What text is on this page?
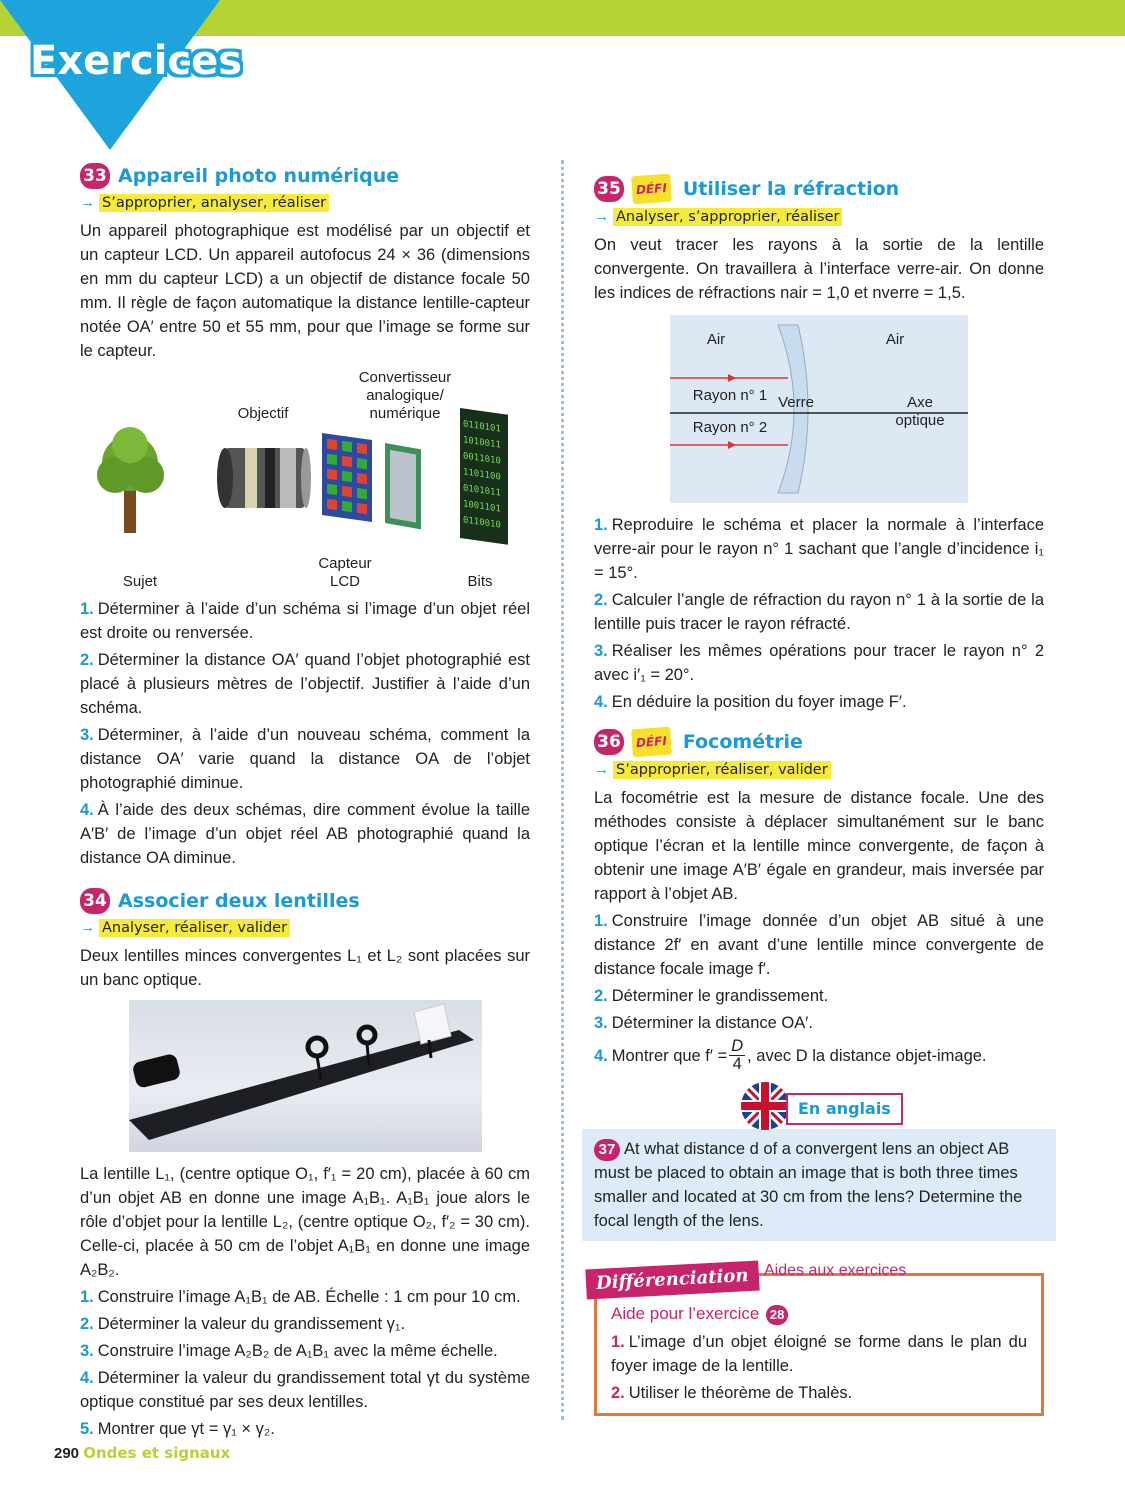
Exercices
33 Appareil photo numérique
→ S’approprier, analyser, réaliser

Un appareil photographique est modélisé par un objectif et un capteur LCD. Un appareil autofocus 24 × 36 (dimensions en mm du capteur LCD) a un objectif de distance focale 50 mm. Il règle de façon automatique la distance lentille-capteur notée OA′ entre 50 et 55 mm, pour que l’image se forme sur le capteur.

0110101
1010011
0011010
1101100
0101011
1001101
0110010
Sujet
Objectif
Capteur LCD
Convertisseur analogique/ numérique
Bits

1. Déterminer à l’aide d’un schéma si l’image d’un objet réel est droite ou renversée.

2. Déterminer la distance OA′ quand l’objet photographié est placé à plusieurs mètres de l’objectif. Justifier à l’aide d’un schéma.

3. Déterminer, à l’aide d’un nouveau schéma, comment la distance OA′ varie quand la distance OA de l’objet photographié diminue.

4. À l’aide des deux schémas, dire comment évolue la taille A′B′ de l’image d’un objet réel AB photographié quand la distance OA diminue.

34 Associer deux lentilles
→ Analyser, réaliser, valider

Deux lentilles minces convergentes L₁ et L₂ sont placées sur un banc optique.

La lentille L₁, (centre optique O₁, f′₁ = 20 cm), placée à 60 cm d’un objet AB en donne une image A₁B₁. A₁B₁ joue alors le rôle d’objet pour la lentille L₂, (centre optique O₂, f′₂ = 30 cm). Celle-ci, placée à 50 cm de l’objet A₁B₁ en donne une image A₂B₂.

1. Construire l’image A₁B₁ de AB. Échelle : 1 cm pour 10 cm.

2. Déterminer la valeur du grandissement γ₁.

3. Construire l’image A₂B₂ de A₁B₁ avec la même échelle.

4. Déterminer la valeur du grandissement total γt du système optique constitué par ses deux lentilles.

5. Montrer que γt = γ₁ × γ₂.

35	DÉFI Utiliser la réfraction
→ Analyser, s’approprier, réaliser

On veut tracer les rayons à la sortie de la lentille convergente. On travaillera à l’interface verre-air. On donne les indices de réfractions nair = 1,0 et nverre = 1,5.

Air	Air
Rayon n° 1
Rayon n° 2
Verre	Axe optique

1. Reproduire le schéma et placer la normale à l’interface verre-air pour le rayon n° 1 sachant que l’angle d’incidence i₁ = 15°.

2. Calculer l’angle de réfraction du rayon n° 1 à la sortie de la lentille puis tracer le rayon réfracté.

3. Réaliser les mêmes opérations pour tracer le rayon n° 2 avec i′₁ = 20°.

4. En déduire la position du foyer image F′.

36	DÉFI Focométrie
→ S’approprier, réaliser, valider

La focométrie est la mesure de distance focale. Une des méthodes consiste à déplacer simultanément sur le banc optique l’écran et la lentille mince convergente, de façon à obtenir une image A′B′ égale en grandeur, mais inversée par rapport à l’objet AB.

1. Construire l’image donnée d’un objet AB situé à une distance 2f′ en avant d’une lentille mince convergente de distance focale image f′.

2. Déterminer le grandissement.

3. Déterminer la distance OA′.

4. Montrer que $f' = \frac{D}{4}$ , avec D la distance objet-image.

En anglais
37 At what distance d of a convergent lens an object AB must be placed to obtain an image that is both three times smaller and located at 30 cm from the lens? Determine the focal length of the lens.
Différenciation Aides aux exercices
Aide pour l’exercice 28

1. L’image d’un objet éloigné se forme dans le plan du foyer image de la lentille.

2. Utiliser le théorème de Thalès.

290 Ondes et signaux
